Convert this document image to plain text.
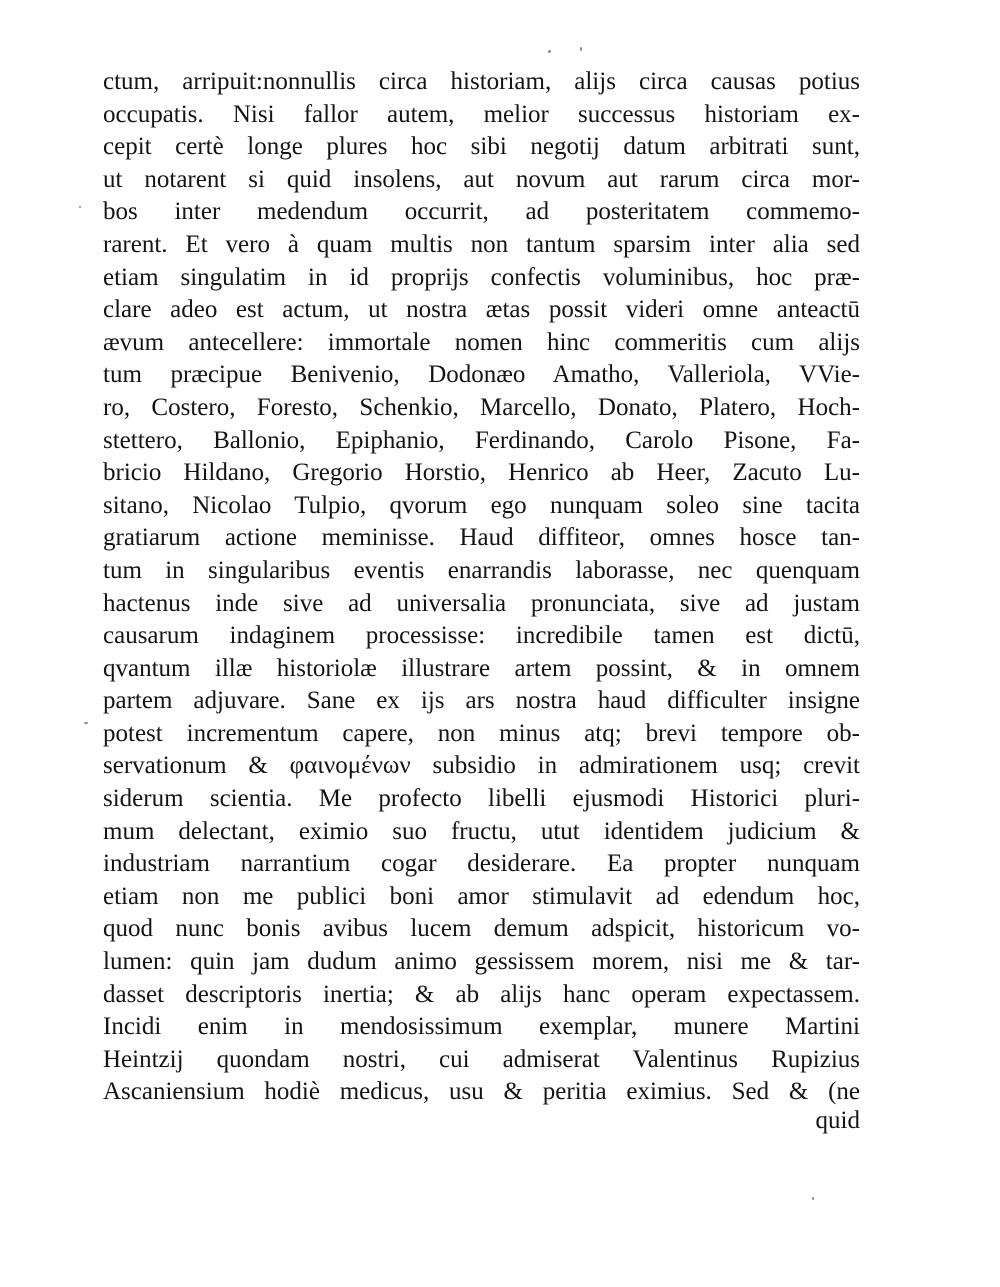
ctum, arripuit:nonnullis circa historiam, alijs circa causas potius
occupatis. Nisi fallor autem, melior successus historiam ex-
cepit certè longe plures hoc sibi negotij datum arbitrati sunt,
ut notarent si quid insolens, aut novum aut rarum circa mor-
bos inter medendum occurrit, ad posteritatem commemo-
rarent. Et vero à quam multis non tantum sparsim inter alia sed
etiam singulatim in id proprijs confectis voluminibus, hoc præ-
clare adeo est actum, ut nostra ætas possit videri omne anteactū
ævum antecellere: immortale nomen hinc commeritis cum alijs
tum præcipue Benivenio, Dodonæo Amatho, Valleriola, VVie-
ro, Costero, Foresto, Schenkio, Marcello, Donato, Platero, Hoch-
stettero, Ballonio, Epiphanio, Ferdinando, Carolo Pisone, Fa-
bricio Hildano, Gregorio Horstio, Henrico ab Heer, Zacuto Lu-
sitano, Nicolao Tulpio, qvorum ego nunquam soleo sine tacita
gratiarum actione meminisse. Haud diffiteor, omnes hosce tan-
tum in singularibus eventis enarrandis laborasse, nec quenquam
hactenus inde sive ad universalia pronunciata, sive ad justam
causarum indaginem processisse: incredibile tamen est dictū,
qvantum illæ historiolæ illustrare artem possint, & in omnem
partem adjuvare. Sane ex ijs ars nostra haud difficulter insigne
potest incrementum capere, non minus atq; brevi tempore ob-
servationum & φαινομένων subsidio in admirationem usq; crevit
siderum scientia. Me profecto libelli ejusmodi Historici pluri-
mum delectant, eximio suo fructu, utut identidem judicium &
industriam narrantium cogar desiderare. Ea propter nunquam
etiam non me publici boni amor stimulavit ad edendum hoc,
quod nunc bonis avibus lucem demum adspicit, historicum vo-
lumen: quin jam dudum animo gessissem morem, nisi me & tar-
dasset descriptoris inertia; & ab alijs hanc operam expectassem.
Incidi enim in mendosissimum exemplar, munere Martini
Heintzij quondam nostri, cui admiserat Valentinus Rupizius
Ascaniensium hodiè medicus, usu & peritia eximius. Sed & (ne
quid
